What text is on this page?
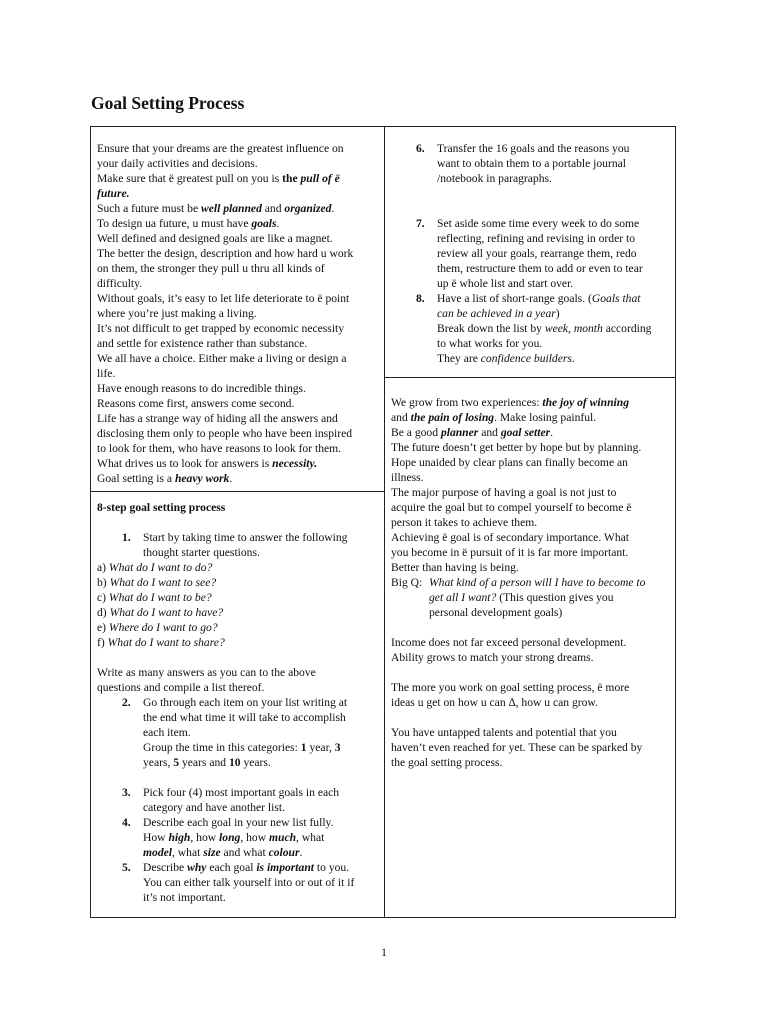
Goal Setting Process
Ensure that your dreams are the greatest influence on
your daily activities and decisions.
Make sure that ë greatest pull on you is the pull of ë
future.
Such a future must be well planned and organized.
To design ua future, u must have goals.
Well defined and designed goals are like a magnet.
The better the design, description and how hard u work
on them, the stronger they pull u thru all kinds of
difficulty.
Without goals, it’s easy to let life deteriorate to ë point
where you’re just making a living.
It’s not difficult to get trapped by economic necessity
and settle for existence rather than substance.
We all have a choice. Either make a living or design a
life.
Have enough reasons to do incredible things.
Reasons come first, answers come second.
Life has a strange way of hiding all the answers and
disclosing them only to people who have been inspired
to look for them, who have reasons to look for them.
What drives us to look for answers is necessity.
Goal setting is a heavy work.
8-step goal setting process
1. Start by taking time to answer the following
thought starter questions.
a) What do I want to do?
b) What do I want to see?
c) What do I want to be?
d) What do I want to have?
e) Where do I want to go?
f) What do I want to share?
Write as many answers as you can to the above
questions and compile a list thereof.
2. Go through each item on your list writing at
the end what time it will take to accomplish
each item.
Group the time in this categories: 1 year, 3
years, 5 years and 10 years.
3. Pick four (4) most important goals in each
category and have another list.
4. Describe each goal in your new list fully.
How high, how long, how much, what
model, what size and what colour.
5. Describe why each goal is important to you.
You can either talk yourself into or out of it if
it’s not important.
6. Transfer the 16 goals and the reasons you
want to obtain them to a portable journal
/notebook in paragraphs.
7. Set aside some time every week to do some
reflecting, refining and revising in order to
review all your goals, rearrange them, redo
them, restructure them to add or even to tear
up ë whole list and start over.
8. Have a list of short-range goals. (Goals that
can be achieved in a year)
Break down the list by week, month according
to what works for you.
They are confidence builders.
We grow from two experiences: the joy of winning
and the pain of losing. Make losing painful.
Be a good planner and goal setter.
The future doesn’t get better by hope but by planning.
Hope unaided by clear plans can finally become an
illness.
The major purpose of having a goal is not just to
acquire the goal but to compel yourself to become ë
person it takes to achieve them.
Achieving ë goal is of secondary importance. What
you become in ë pursuit of it is far more important.
Better than having is being.
Big Q: What kind of a person will I have to become to
get all I want? (This question gives you
personal development goals)
Income does not far exceed personal development.
Ability grows to match your strong dreams.
The more you work on goal setting process, ë more
ideas u get on how u can ∆, how u can grow.
You have untapped talents and potential that you
haven’t even reached for yet. These can be sparked by
the goal setting process.
1
